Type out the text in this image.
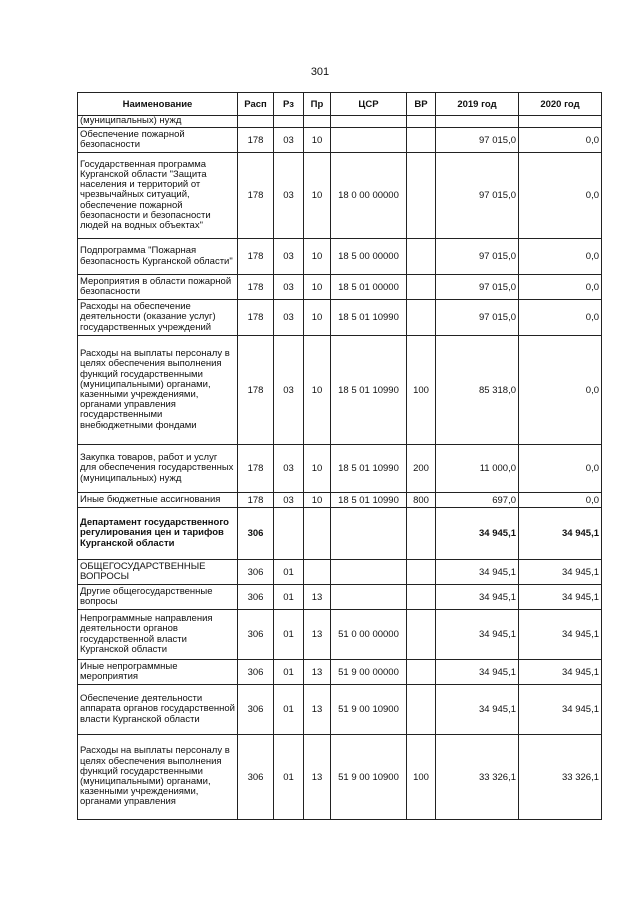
301
Наименование	Расп	Рз	Пр	ЦСР	ВР	2019 год	2020 год
(муниципальных) нужд							
Обеспечение пожарной безопасности	178	03	10			97 015,0	0,0
Государственная программа Курганской области "Защита населения и территорий от чрезвычайных ситуаций, обеспечение пожарной безопасности и безопасности людей на водных объектах"	178	03	10	18 0 00 00000		97 015,0	0,0
Подпрограмма "Пожарная безопасность Курганской области"	178	03	10	18 5 00 00000		97 015,0	0,0
Мероприятия в области пожарной безопасности	178	03	10	18 5 01 00000		97 015,0	0,0
Расходы на обеспечение деятельности (оказание услуг) государственных учреждений	178	03	10	18 5 01 10990		97 015,0	0,0
Расходы на выплаты персоналу в целях обеспечения выполнения функций государственными (муниципальными) органами, казенными учреждениями, органами управления государственными внебюджетными фондами	178	03	10	18 5 01 10990	100	85 318,0	0,0
Закупка товаров, работ и услуг для обеспечения государственных (муниципальных) нужд	178	03	10	18 5 01 10990	200	11 000,0	0,0
Иные бюджетные ассигнования	178	03	10	18 5 01 10990	800	697,0	0,0
Департамент государственного регулирования цен и тарифов Курганской области	306					34 945,1	34 945,1
ОБЩЕГОСУДАРСТВЕННЫЕ ВОПРОСЫ	306	01				34 945,1	34 945,1
Другие общегосударственные вопросы	306	01	13			34 945,1	34 945,1
Непрограммные направления деятельности органов государственной власти Курганской области	306	01	13	51 0 00 00000		34 945,1	34 945,1
Иные непрограммные мероприятия	306	01	13	51 9 00 00000		34 945,1	34 945,1
Обеспечение деятельности аппарата органов государственной власти Курганской области	306	01	13	51 9 00 10900		34 945,1	34 945,1
Расходы на выплаты персоналу в целях обеспечения выполнения функций государственными (муниципальными) органами, казенными учреждениями, органами управления	306	01	13	51 9 00 10900	100	33 326,1	33 326,1
